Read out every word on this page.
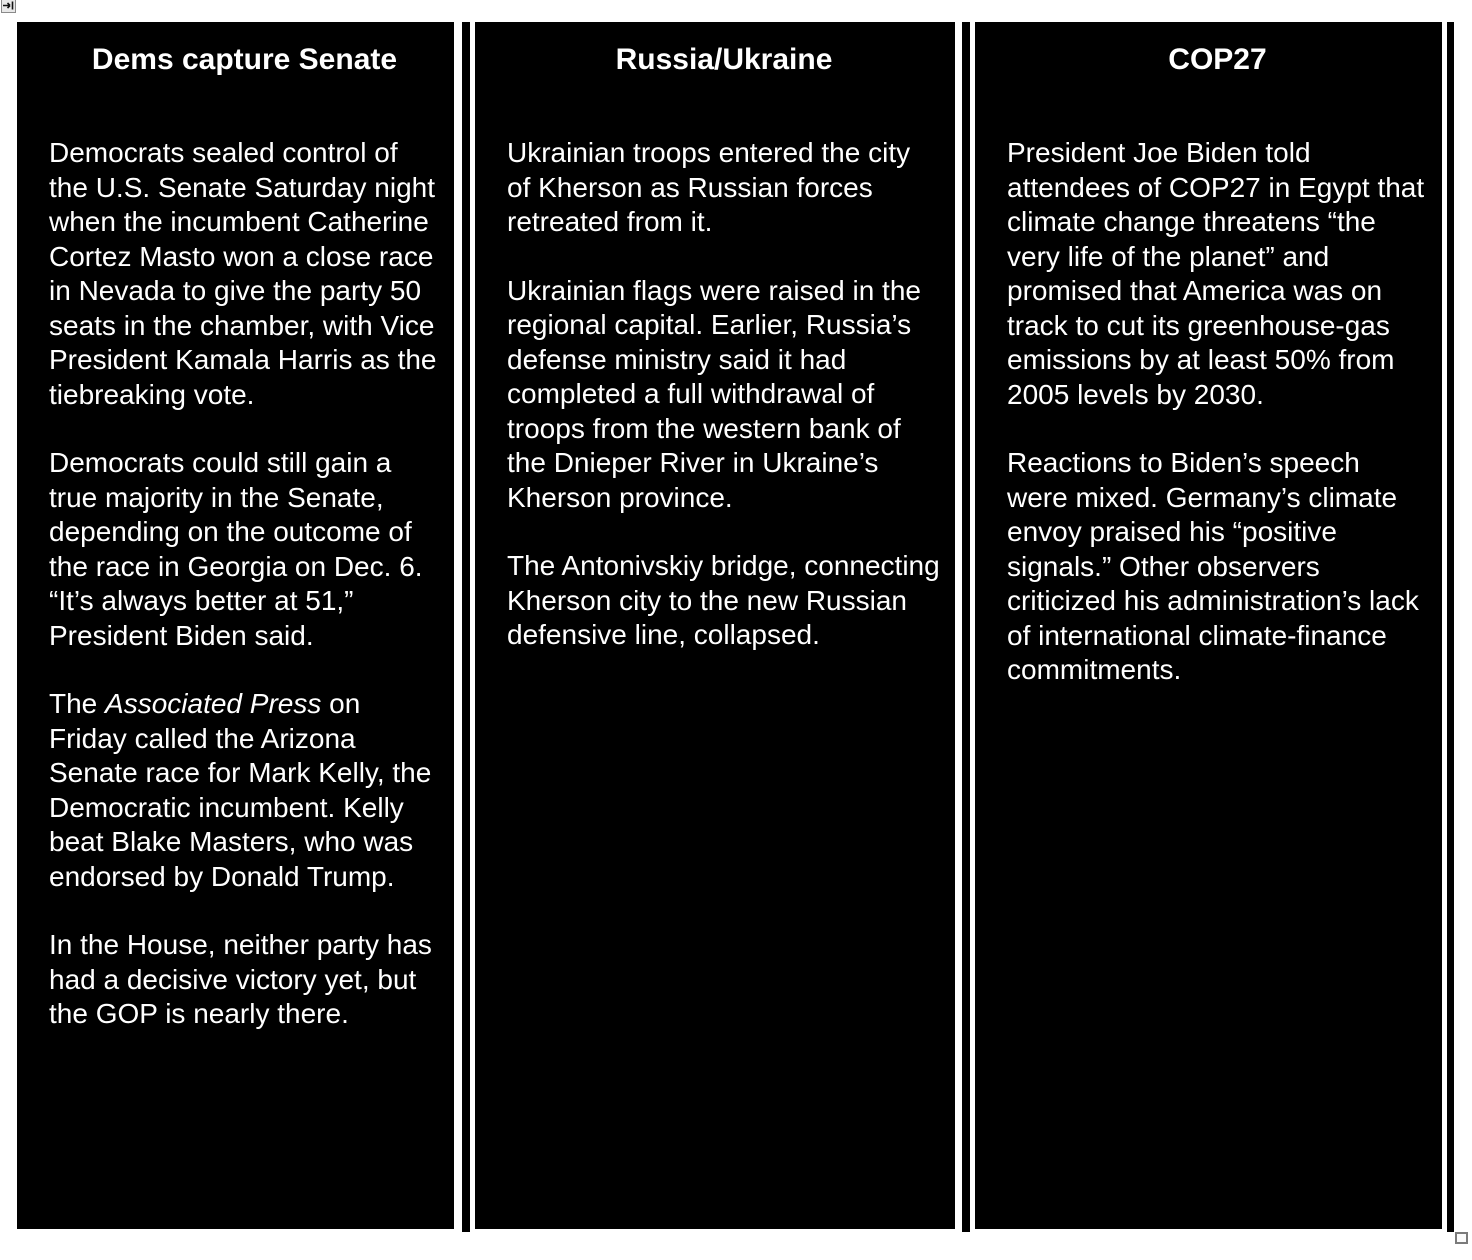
Dems capture Senate

Democrats sealed control of the U.S. Senate Saturday night when the incumbent Catherine Cortez Masto won a close race in Nevada to give the party 50 seats in the chamber, with Vice President Kamala Harris as the tiebreaking vote.

Democrats could still gain a true majority in the Senate, depending on the outcome of the race in Georgia on Dec. 6. “It’s always better at 51,” President Biden said.

The Associated Press on Friday called the Arizona Senate race for Mark Kelly, the Democratic incumbent. Kelly beat Blake Masters, who was endorsed by Donald Trump.

In the House, neither party has had a decisive victory yet, but the GOP is nearly there.

Russia/Ukraine

Ukrainian troops entered the city of Kherson as Russian forces retreated from it.

Ukrainian flags were raised in the regional capital. Earlier, Russia’s defense ministry said it had completed a full withdrawal of troops from the western bank of the Dnieper River in Ukraine’s Kherson province.

The Antonivskiy bridge, connecting Kherson city to the new Russian defensive line, collapsed.

COP27

President Joe Biden told attendees of COP27 in Egypt that climate change threatens “the very life of the planet” and promised that America was on track to cut its greenhouse-gas emissions by at least 50% from 2005 levels by 2030.

Reactions to Biden’s speech were mixed. Germany’s climate envoy praised his “positive signals.” Other observers criticized his administration’s lack of international climate-finance commitments.
